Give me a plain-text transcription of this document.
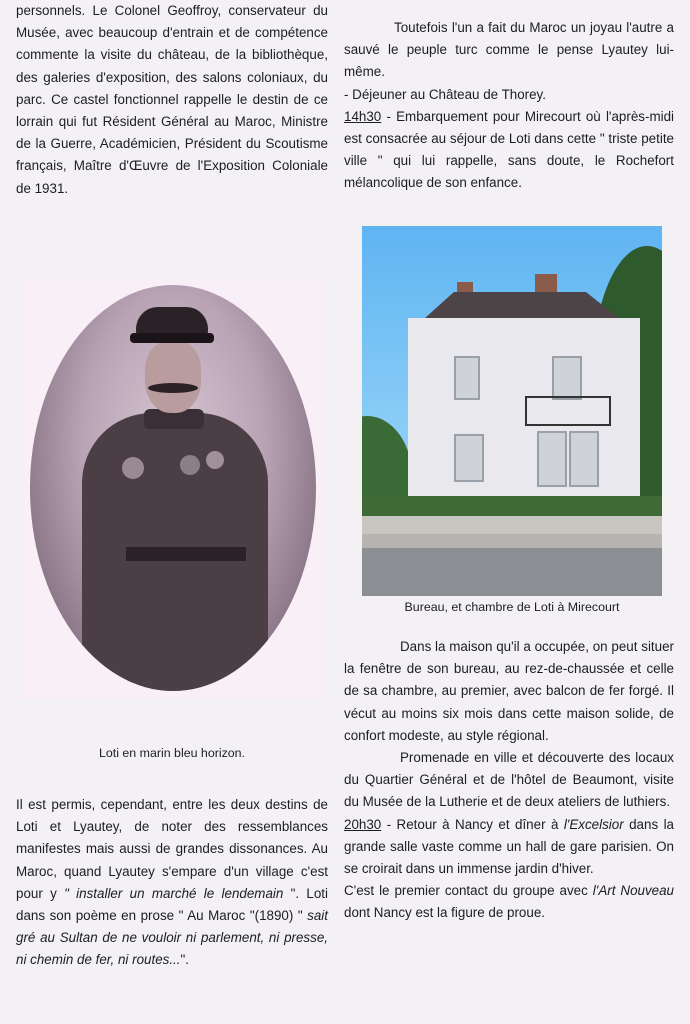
personnels. Le Colonel Geoffroy, conservateur du Musée, avec beaucoup d'entrain et de compétence commente la visite du château, de la bibliothèque, des galeries d'exposition, des salons coloniaux, du parc. Ce castel fonctionnel rappelle le destin de ce lorrain qui fut Résident Général au Maroc, Ministre de la Guerre, Académicien, Président du Scoutisme français, Maître d'Œuvre de l'Exposition Coloniale de 1931.

Loti en marin bleu horizon.

Il est permis, cependant, entre les deux destins de Loti et Lyautey, de noter des ressemblances manifestes mais aussi de grandes dissonances. Au Maroc, quand Lyautey s'empare d'un village c'est pour y " installer un marché le lendemain ". Loti dans son poème en prose " Au Maroc "(1890) " sait gré au Sultan de ne vouloir ni parlement, ni presse, ni chemin de fer, ni routes...".

Toutefois l'un a fait du Maroc un joyau l'autre a sauvé le peuple turc comme le pense Lyautey lui-même.

- Déjeuner au Château de Thorey.

14h30 - Embarquement pour Mirecourt où l'après-midi est consacrée au séjour de Loti dans cette " triste petite ville " qui lui rappelle, sans doute, le Rochefort mélancolique de son enfance.

Bureau, et chambre de Loti à Mirecourt

Dans la maison qu'il a occupée, on peut situer la fenêtre de son bureau, au rez-de-chaussée et celle de sa chambre, au premier, avec balcon de fer forgé. Il vécut au moins six mois dans cette maison solide, de confort modeste, au style régional.

Promenade en ville et découverte des locaux du Quartier Général et de l'hôtel de Beaumont, visite du Musée de la Lutherie et de deux ateliers de luthiers.

20h30 - Retour à Nancy et dîner à l'Excelsior dans la grande salle vaste comme un hall de gare parisien. On se croirait dans un immense jardin d'hiver.

C'est le premier contact du groupe avec l'Art Nouveau dont Nancy est la figure de proue.
